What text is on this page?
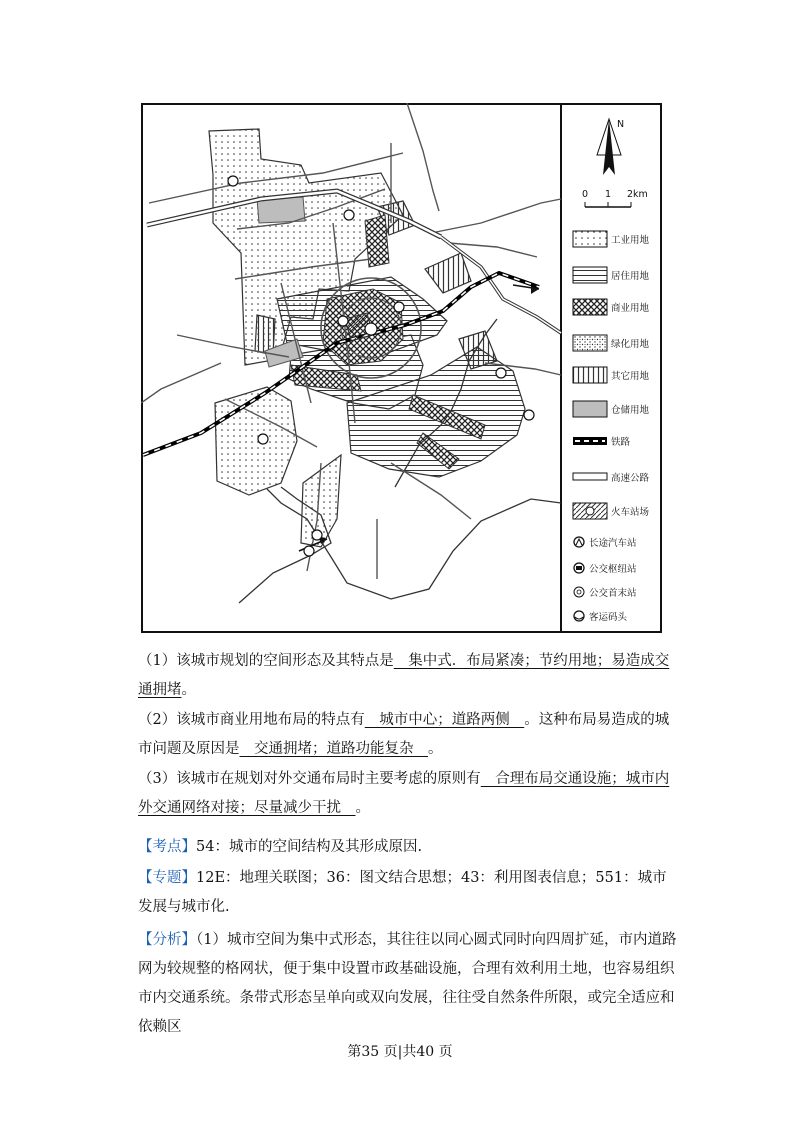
N
0 1 2km
工业用地
居住用地
商业用地
绿化用地
其它用地
仓储用地
铁路
高速公路
火车站场
长途汽车站
公交枢纽站
公交首末站
客运码头

（1）该城市规划的空间形态及其特点是　集中式．布局紧凑；节约用地；易造成交通拥堵。

（2）该城市商业用地布局的特点有　城市中心；道路两侧　。这种布局易造成的城市问题及原因是　交通拥堵；道路功能复杂　。

（3）该城市在规划对外交通布局时主要考虑的原则有　合理布局交通设施；城市内外交通网络对接；尽量减少干扰　。

【考点】54：城市的空间结构及其形成原因.

【专题】12E：地理关联图；36：图文结合思想；43：利用图表信息；551：城市发展与城市化.

【分析】（1）城市空间为集中式形态，其往往以同心圆式同时向四周扩延，市内道路网为较规整的格网状，便于集中设置市政基础设施，合理有效利用土地，也容易组织市内交通系统。条带式形态呈单向或双向发展，往往受自然条件所限，或完全适应和依赖区

第35 页|共40 页
